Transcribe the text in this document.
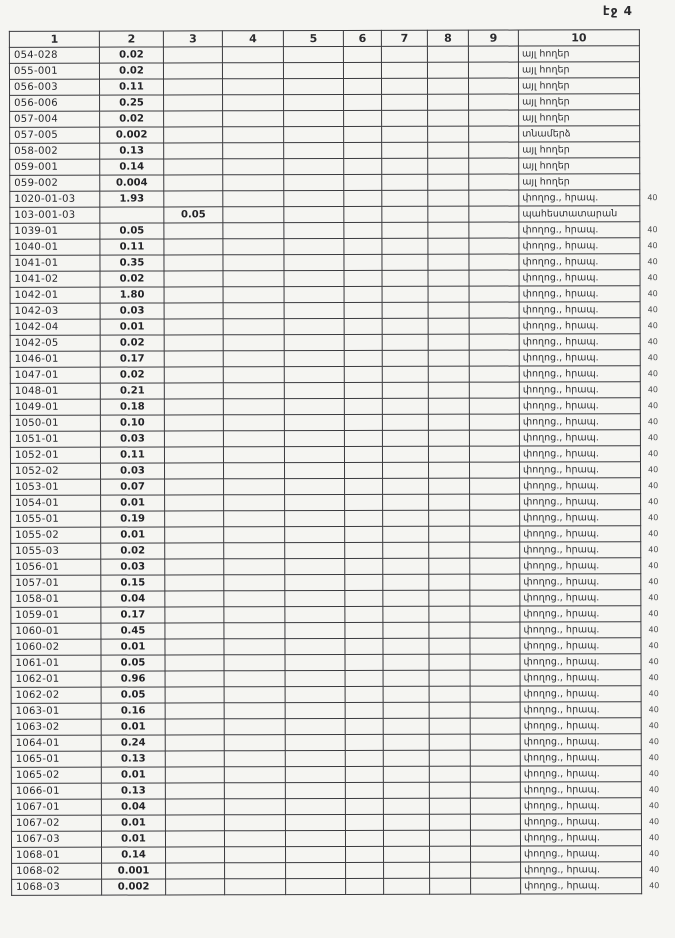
էջ 4
1	2	3	4	5	6	7	8	9	10	
054-028	0.02								այլ հողեր	
055-001	0.02								այլ հողեր	
056-003	0.11								այլ հողեր	
056-006	0.25								այլ հողեր	
057-004	0.02								այլ հողեր	
057-005	0.002								տնամերձ	
058-002	0.13								այլ հողեր	
059-001	0.14								այլ հողեր	
059-002	0.004								այլ հողեր	
1020-01-03	1.93								փողոց., հրապ.	40
103-001-03		0.05							պահեստատարան	
1039-01	0.05								փողոց., հրապ.	40
1040-01	0.11								փողոց., հրապ.	40
1041-01	0.35								փողոց., հրապ.	40
1041-02	0.02								փողոց., հրապ.	40
1042-01	1.80								փողոց., հրապ.	40
1042-03	0.03								փողոց., հրապ.	40
1042-04	0.01								փողոց., հրապ.	40
1042-05	0.02								փողոց., հրապ.	40
1046-01	0.17								փողոց., հրապ.	40
1047-01	0.02								փողոց., հրապ.	40
1048-01	0.21								փողոց., հրապ.	40
1049-01	0.18								փողոց., հրապ.	40
1050-01	0.10								փողոց., հրապ.	40
1051-01	0.03								փողոց., հրապ.	40
1052-01	0.11								փողոց., հրապ.	40
1052-02	0.03								փողոց., հրապ.	40
1053-01	0.07								փողոց., հրապ.	40
1054-01	0.01								փողոց., հրապ.	40
1055-01	0.19								փողոց., հրապ.	40
1055-02	0.01								փողոց., հրապ.	40
1055-03	0.02								փողոց., հրապ.	40
1056-01	0.03								փողոց., հրապ.	40
1057-01	0.15								փողոց., հրապ.	40
1058-01	0.04								փողոց., հրապ.	40
1059-01	0.17								փողոց., հրապ.	40
1060-01	0.45								փողոց., հրապ.	40
1060-02	0.01								փողոց., հրապ.	40
1061-01	0.05								փողոց., հրապ.	40
1062-01	0.96								փողոց., հրապ.	40
1062-02	0.05								փողոց., հրապ.	40
1063-01	0.16								փողոց., հրապ.	40
1063-02	0.01								փողոց., հրապ.	40
1064-01	0.24								փողոց., հրապ.	40
1065-01	0.13								փողոց., հրապ.	40
1065-02	0.01								փողոց., հրապ.	40
1066-01	0.13								փողոց., հրապ.	40
1067-01	0.04								փողոց., հրապ.	40
1067-02	0.01								փողոց., հրապ.	40
1067-03	0.01								փողոց., հրապ.	40
1068-01	0.14								փողոց., հրապ.	40
1068-02	0.001								փողոց., հրապ.	40
1068-03	0.002								փողոց., հրապ.	40
